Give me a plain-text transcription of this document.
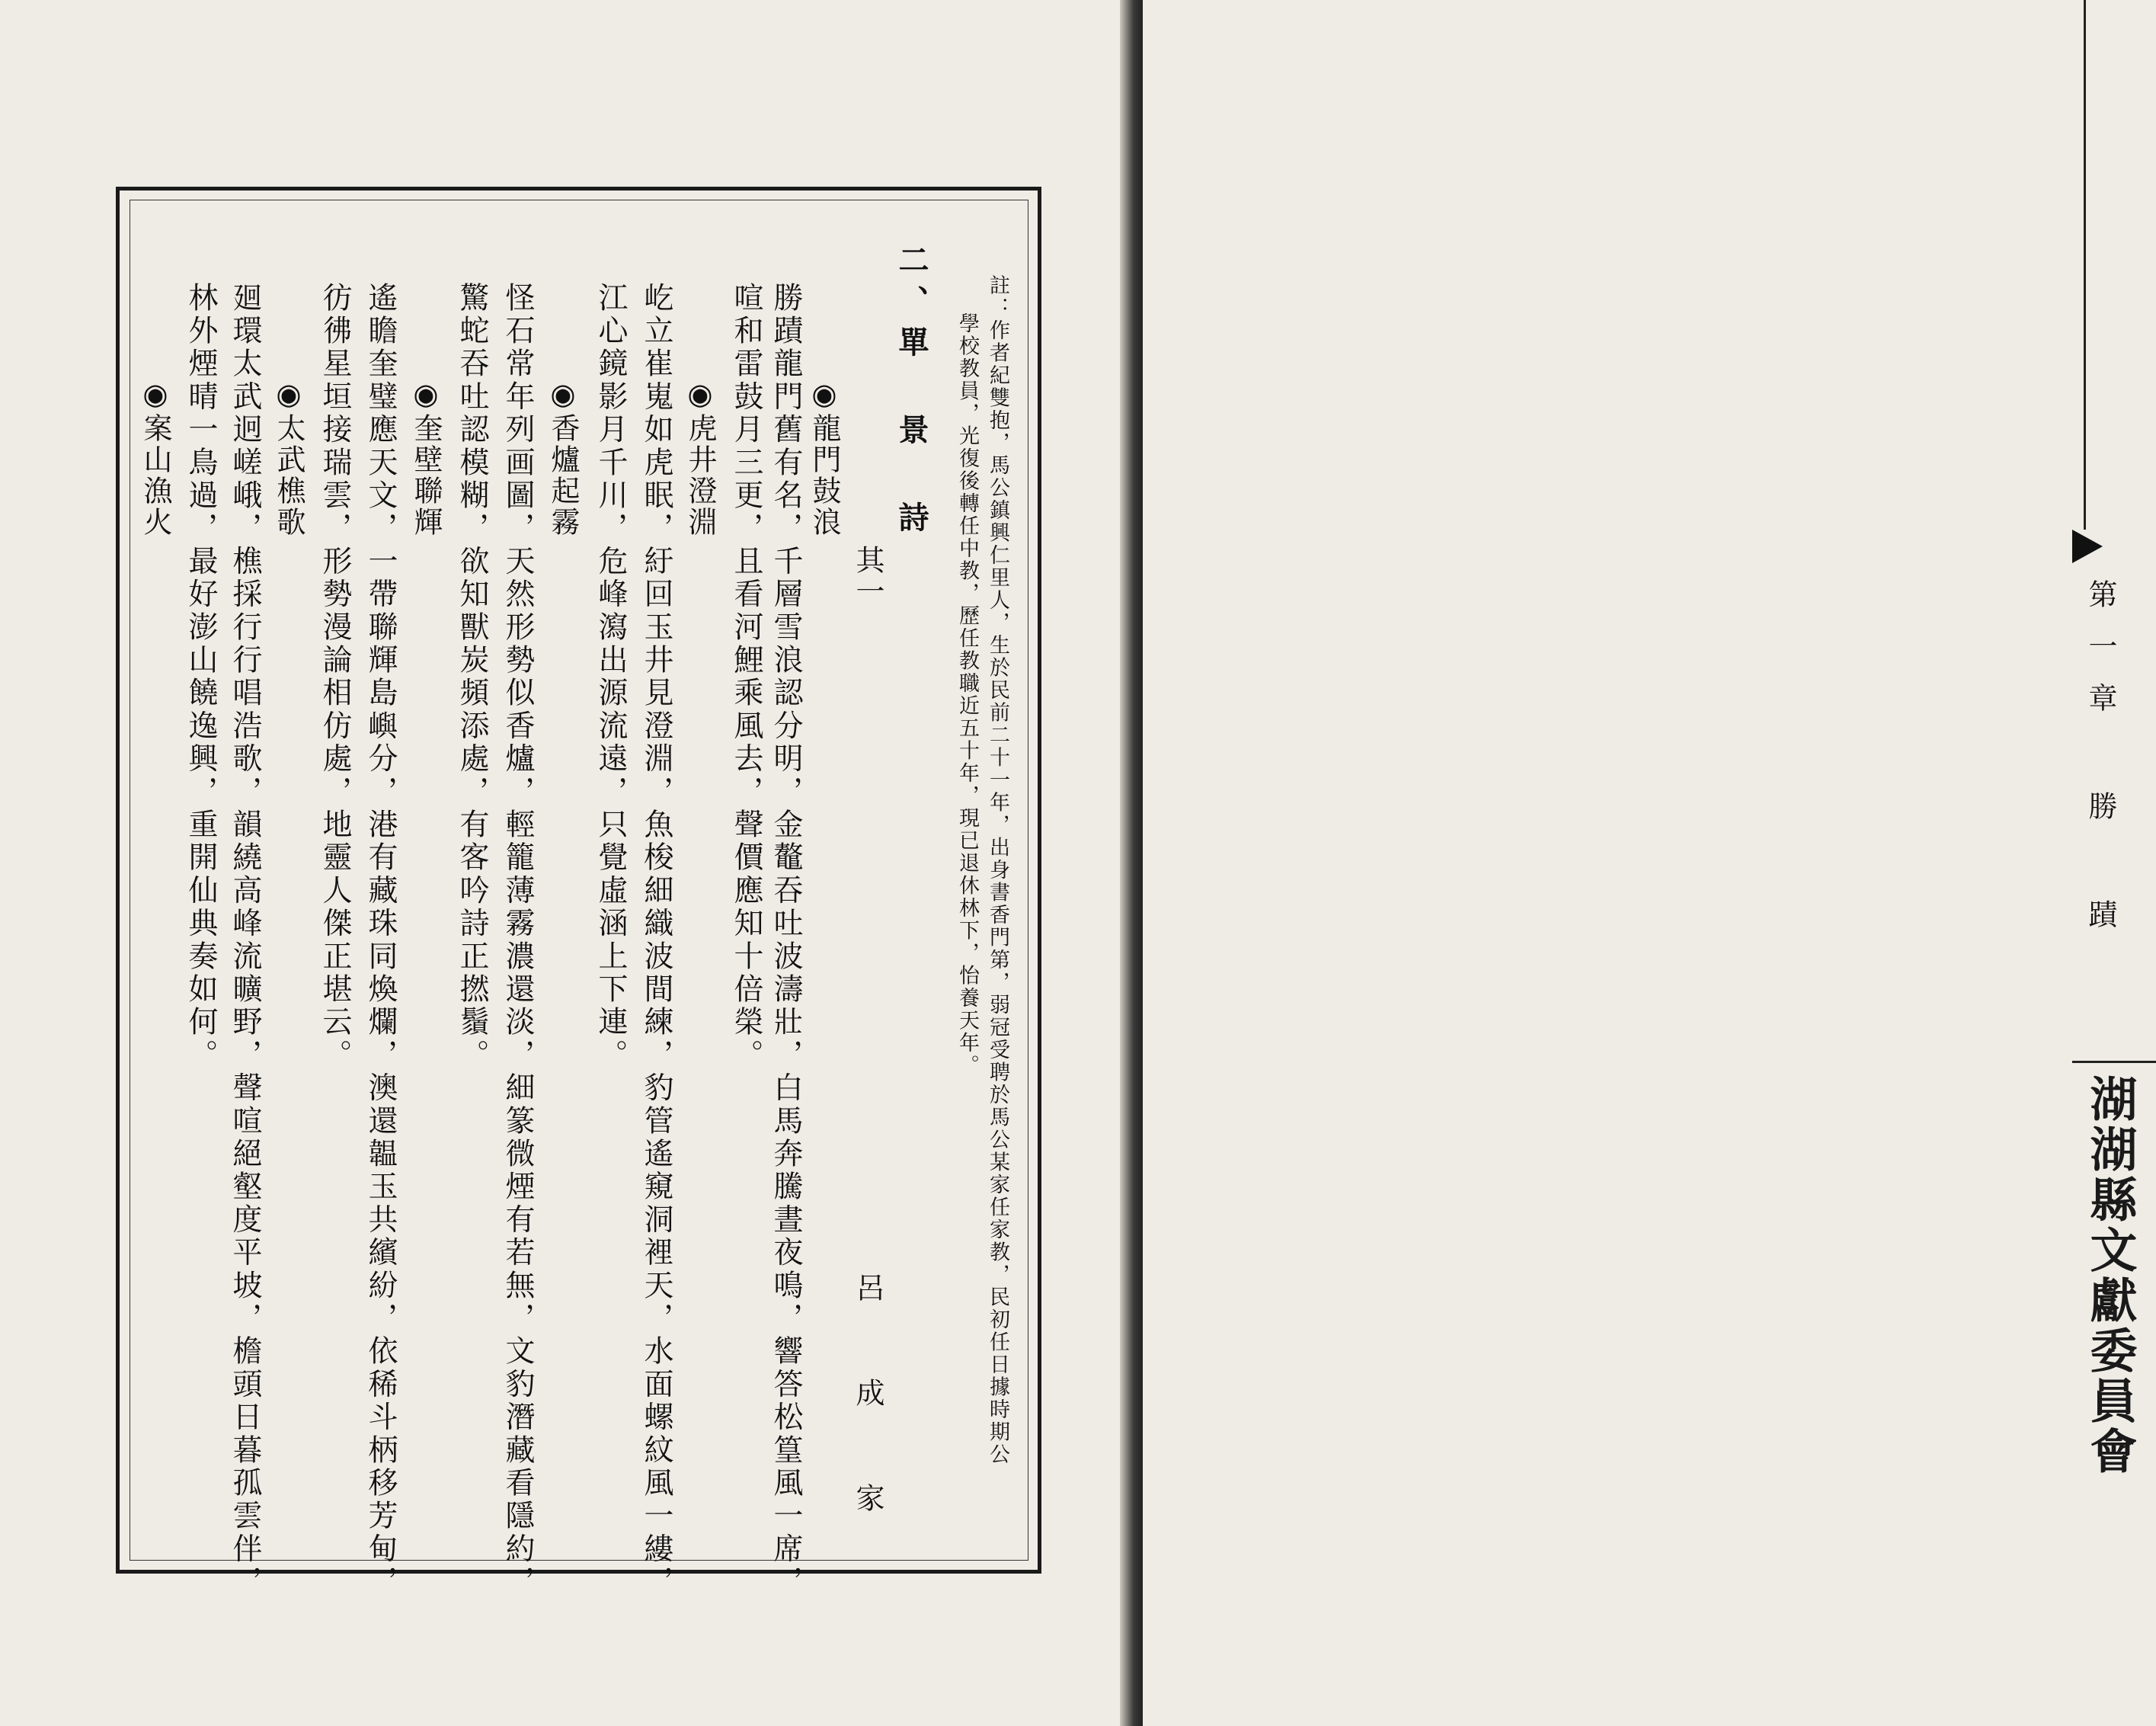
第一章 勝 蹟
湖湖縣文獻委員會
註：作者紀雙抱，馬公鎮興仁里人，生於民前二十一年，出身書香門第，弱冠受聘於馬公某家任家教，民初任日據時期公
學校教員，光復後轉任中教，歷任教職近五十年，現已退休林下，怡養天年。
二、單 景 詩
其一
呂 成 家
◉龍門鼓浪
勝蹟龍門舊有名，千層雪浪認分明，金鼇吞吐波濤壯，白馬奔騰晝夜鳴，響答松篁風一席，
喧和雷鼓月三更，且看河鯉乘風去，聲價應知十倍榮。
◉虎井澄淵
屹立崔嵬如虎眠，紆回玉井見澄淵，魚梭細織波間練，豹管遙窺洞裡天，水面螺紋風一縷，
江心鏡影月千川，危峰瀉出源流遠，只覺虛涵上下連。
◉香爐起霧
怪石常年列画圖，天然形勢似香爐，輕籠薄霧濃還淡，細篆微煙有若無，文豹潛藏看隱約，
驚蛇吞吐認模糊，欲知獸炭頻添處，有客吟詩正撚鬚。
◉奎壁聯輝
遙瞻奎璧應天文，一帶聯輝島嶼分，港有藏珠同煥爛，澳還韞玉共繽紛，依稀斗柄移芳甸，
彷彿星垣接瑞雲，形勢漫論相仿處，地靈人傑正堪云。
◉太武樵歌
廻環太武迥嵯峨，樵採行行唱浩歌，韻繞高峰流曠野，聲喧絕壑度平坡，檐頭日暮孤雲伴，
林外煙晴一鳥過，最好澎山饒逸興，重開仙典奏如何。
◉案山漁火
